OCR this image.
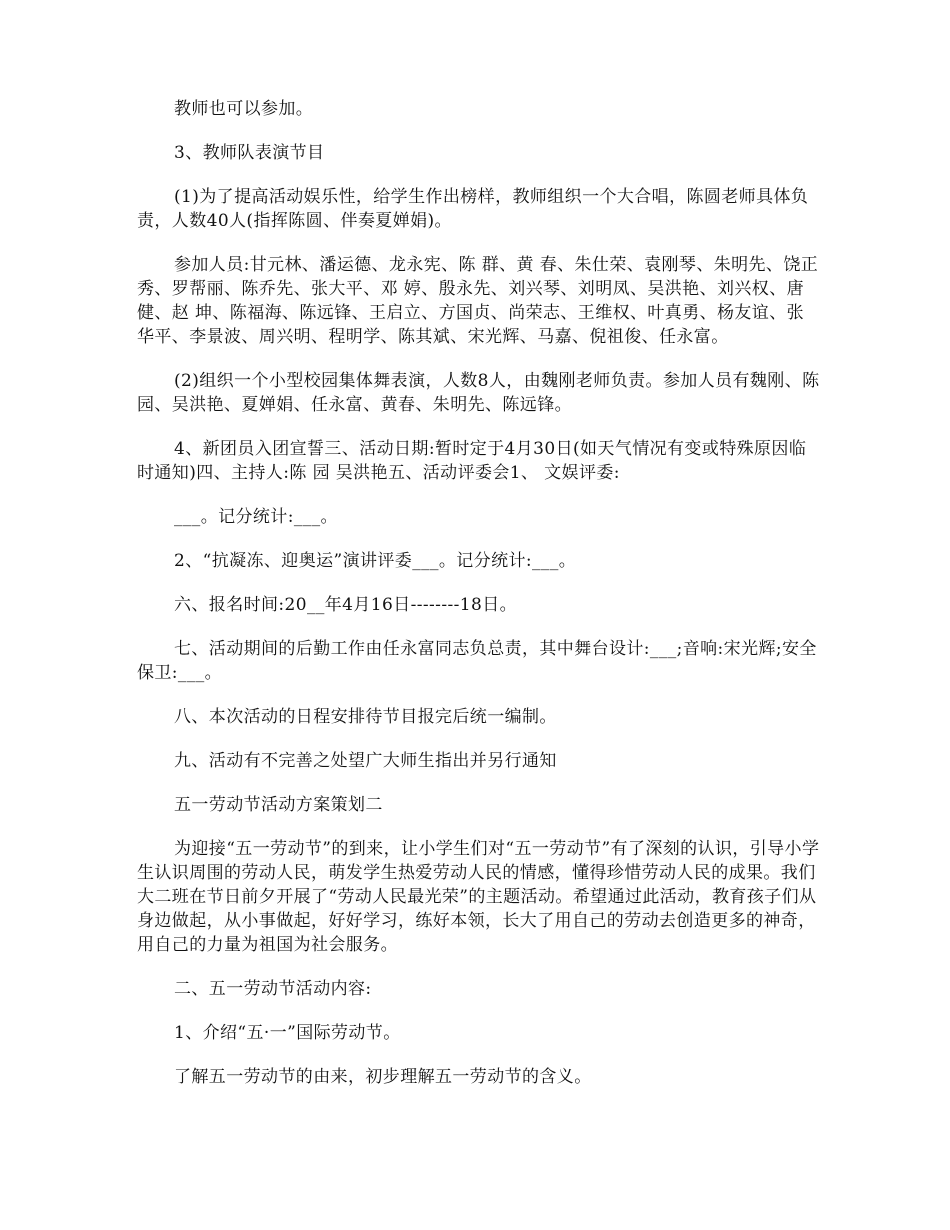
教师也可以参加。

3、教师队表演节目

(1)为了提高活动娱乐性，给学生作出榜样，教师组织一个大合唱，陈圆老师具体负责，人数40人(指挥陈圆、伴奏夏婵娟)。

参加人员:甘元林、潘运德、龙永宪、陈 群、黄 春、朱仕荣、袁刚琴、朱明先、饶正秀、罗帮丽、陈乔先、张大平、邓 婷、殷永先、刘兴琴、刘明凤、吴洪艳、刘兴权、唐 健、赵 坤、陈福海、陈远锋、王启立、方国贞、尚荣志、王维权、叶真勇、杨友谊、张华平、李景波、周兴明、程明学、陈其斌、宋光辉、马嘉、倪祖俊、任永富。

(2)组织一个小型校园集体舞表演，人数8人，由魏刚老师负责。参加人员有魏刚、陈园、吴洪艳、夏婵娟、任永富、黄春、朱明先、陈远锋。

4、新团员入团宣誓三、活动日期:暂时定于4月30日(如天气情况有变或特殊原因临时通知)四、主持人:陈 园 吴洪艳五、活动评委会1、 文娱评委:

___。记分统计:___。

2、“抗凝冻、迎奥运”演讲评委___。记分统计:___。

六、报名时间:20__年4月16日--------18日。

七、活动期间的后勤工作由任永富同志负总责，其中舞台设计:___;音响:宋光辉;安全保卫:___。

八、本次活动的日程安排待节目报完后统一编制。

九、活动有不完善之处望广大师生指出并另行通知

五一劳动节活动方案策划二

为迎接“五一劳动节”的到来，让小学生们对“五一劳动节”有了深刻的认识，引导小学生认识周围的劳动人民，萌发学生热爱劳动人民的情感，懂得珍惜劳动人民的成果。我们大二班在节日前夕开展了“劳动人民最光荣”的主题活动。希望通过此活动，教育孩子们从身边做起，从小事做起，好好学习，练好本领，长大了用自己的劳动去创造更多的神奇，用自己的力量为祖国为社会服务。

二、五一劳动节活动内容:

1、介绍“五·一”国际劳动节。

了解五一劳动节的由来，初步理解五一劳动节的含义。
